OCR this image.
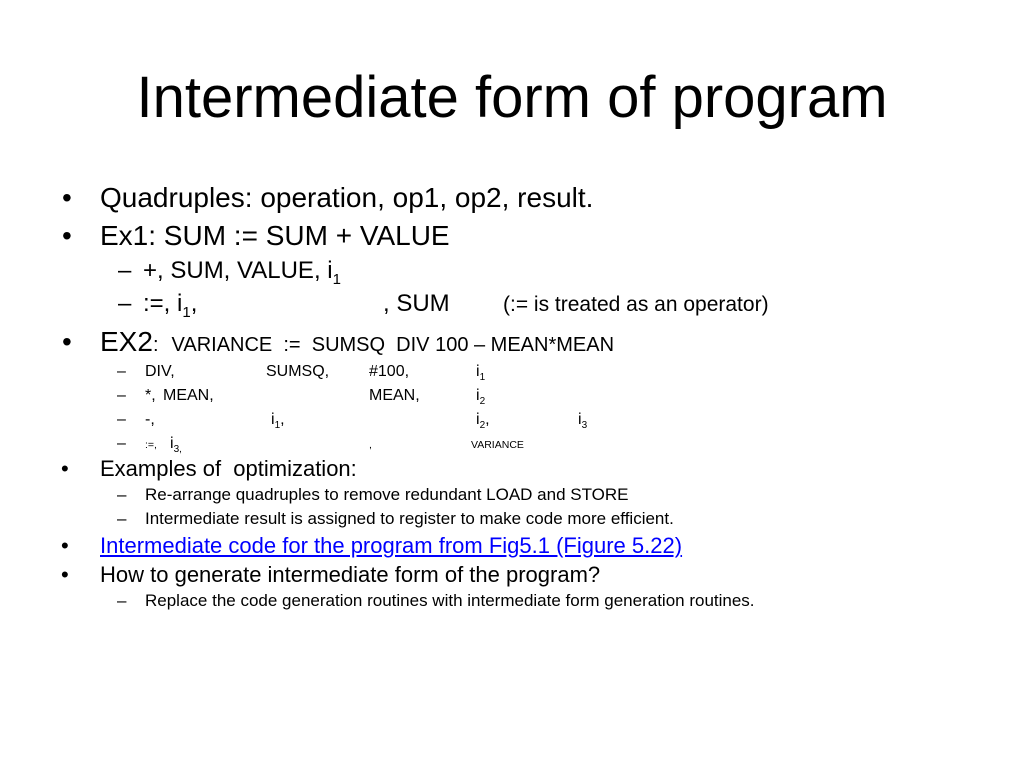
Intermediate form of program
• Quadruples: operation, op1, op2, result.
• Ex1: SUM := SUM + VALUE
– +, SUM, VALUE, i 1
– :=, i 1 ,	, SUM	(:= is treated as an operator)
• EX2 : VARIANCE  :=  SUMSQ  DIV 100 – MEAN*MEAN
– DIV,	SUMSQ, #100,	i $_1$
– *, MEAN,	MEAN,	i $_2$
– -,	i $_1$ ,	i $_2$ ,	i $_3$
– :=, i $_{3,}$	,	VARIANCE
• Examples of  optimization:
– Re-arrange quadruples to remove redundant LOAD and STORE
– Intermediate result is assigned to register to make code more efficient.
• Intermediate code for the program from Fig5.1 (Figure 5.22)
• How to generate intermediate form of the program?
– Replace the code generation routines with intermediate form generation routines.
